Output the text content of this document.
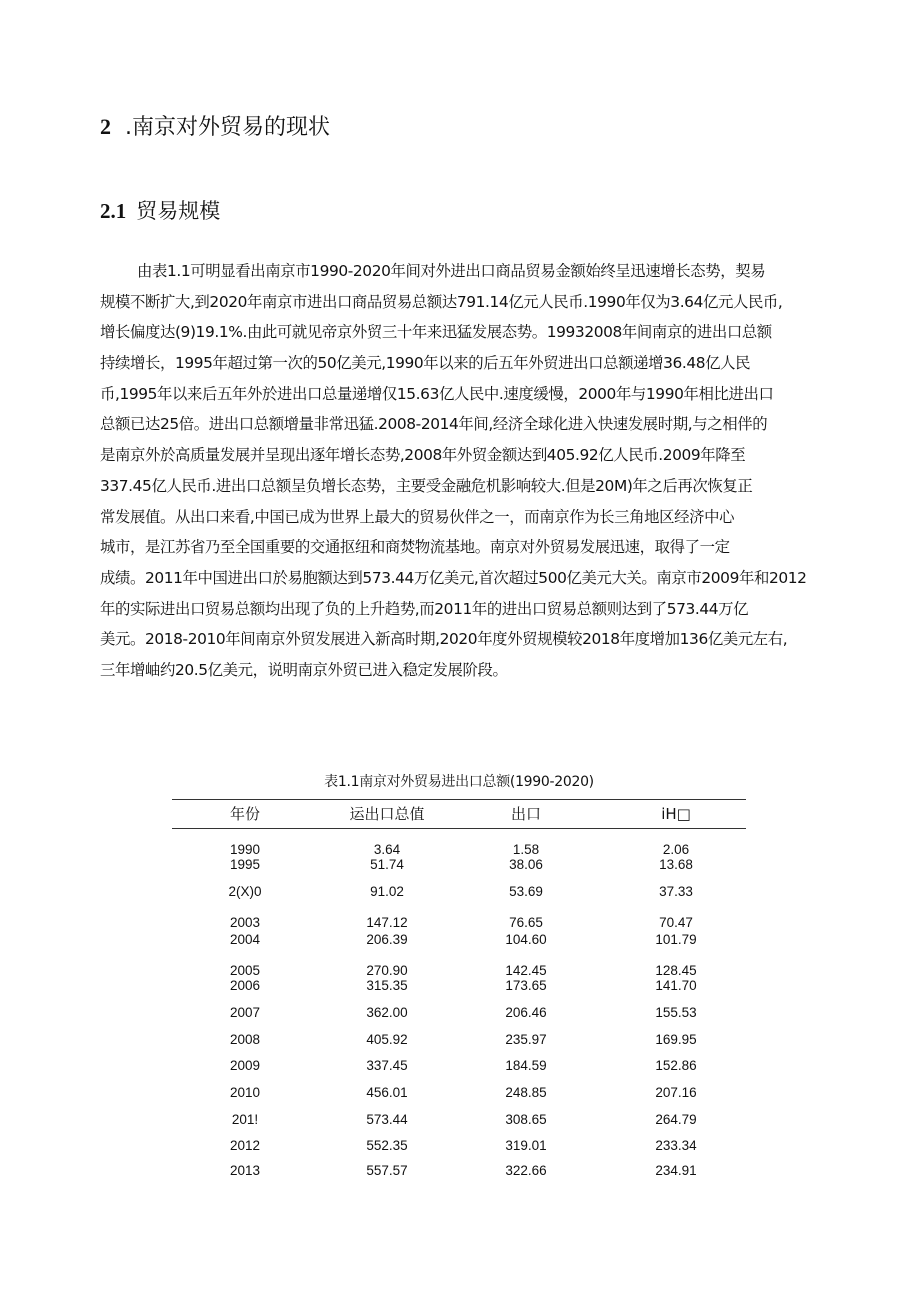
2 .南京对外贸易的现状
2.1 贸易规模
由表1.1可明显看出南京市1990-2020年间对外进出口商品贸易金额始终呈迅速增长态势，契易
规模不断扩大,到2020年南京市进出口商品贸易总额达791.14亿元人民币.1990年仅为3.64亿元人民币,
增长偏度达(9)19.1%.由此可就见帝京外贸三十年来迅猛发展态势。19932008年间南京的进出口总额
持续增长，1995年超过第一次的50亿美元,1990年以来的后五年外贸进出口总额递增36.48亿人民
币,1995年以来后五年外於进出口总量递增仅15.63亿人民中.速度缓慢，2000年与1990年相比进出口
总额已达25倍。进出口总额增量非常迅猛.2008-2014年间,经济全球化进入快速发展时期,与之相伴的
是南京外於高质量发展并呈现出逐年增长态势,2008年外贸金额达到405.92亿人民币.2009年降至
337.45亿人民币.进出口总额呈负增长态势，主要受金融危机影响较大.但是20M)年之后再次恢复正
常发展值。从出口来看,中国已成为世界上最大的贸易伙伴之一，而南京作为长三角地区经济中心
城市，是江苏省乃至全国重要的交通抠纽和商焚物流基地。南京对外贸易发展迅速，取得了一定
成绩。2011年中国进出口於易胞额达到573.44万亿美元,首次超过500亿美元大关。南京市2009年和2012
年的实际进出口贸易总额均出现了负的上升趋势,而2011年的进出口贸易总额则达到了573.44万亿
美元。2018-2010年间南京外贸发展进入新高时期,2020年度外贸规模较2018年度增加136亿美元左右,
三年增岫约20.5亿美元，说明南京外贸已进入稳定发展阶段。
表1.1南京对外贸易进出口总额(1990-2020)
年份	运出口总值	出口	iH□
1990	3.64	1.58	2.06
1995	51.74	38.06	13.68
2(X)0	91.02	53.69	37.33
2003	147.12	76.65	70.47
2004	206.39	104.60	101.79
2005	270.90	142.45	128.45
2006	315.35	173.65	141.70
2007	362.00	206.46	155.53
2008	405.92	235.97	169.95
2009	337.45	184.59	152.86
2010	456.01	248.85	207.16
201!	573.44	308.65	264.79
2012	552.35	319.01	233.34
2013	557.57	322.66	234.91
